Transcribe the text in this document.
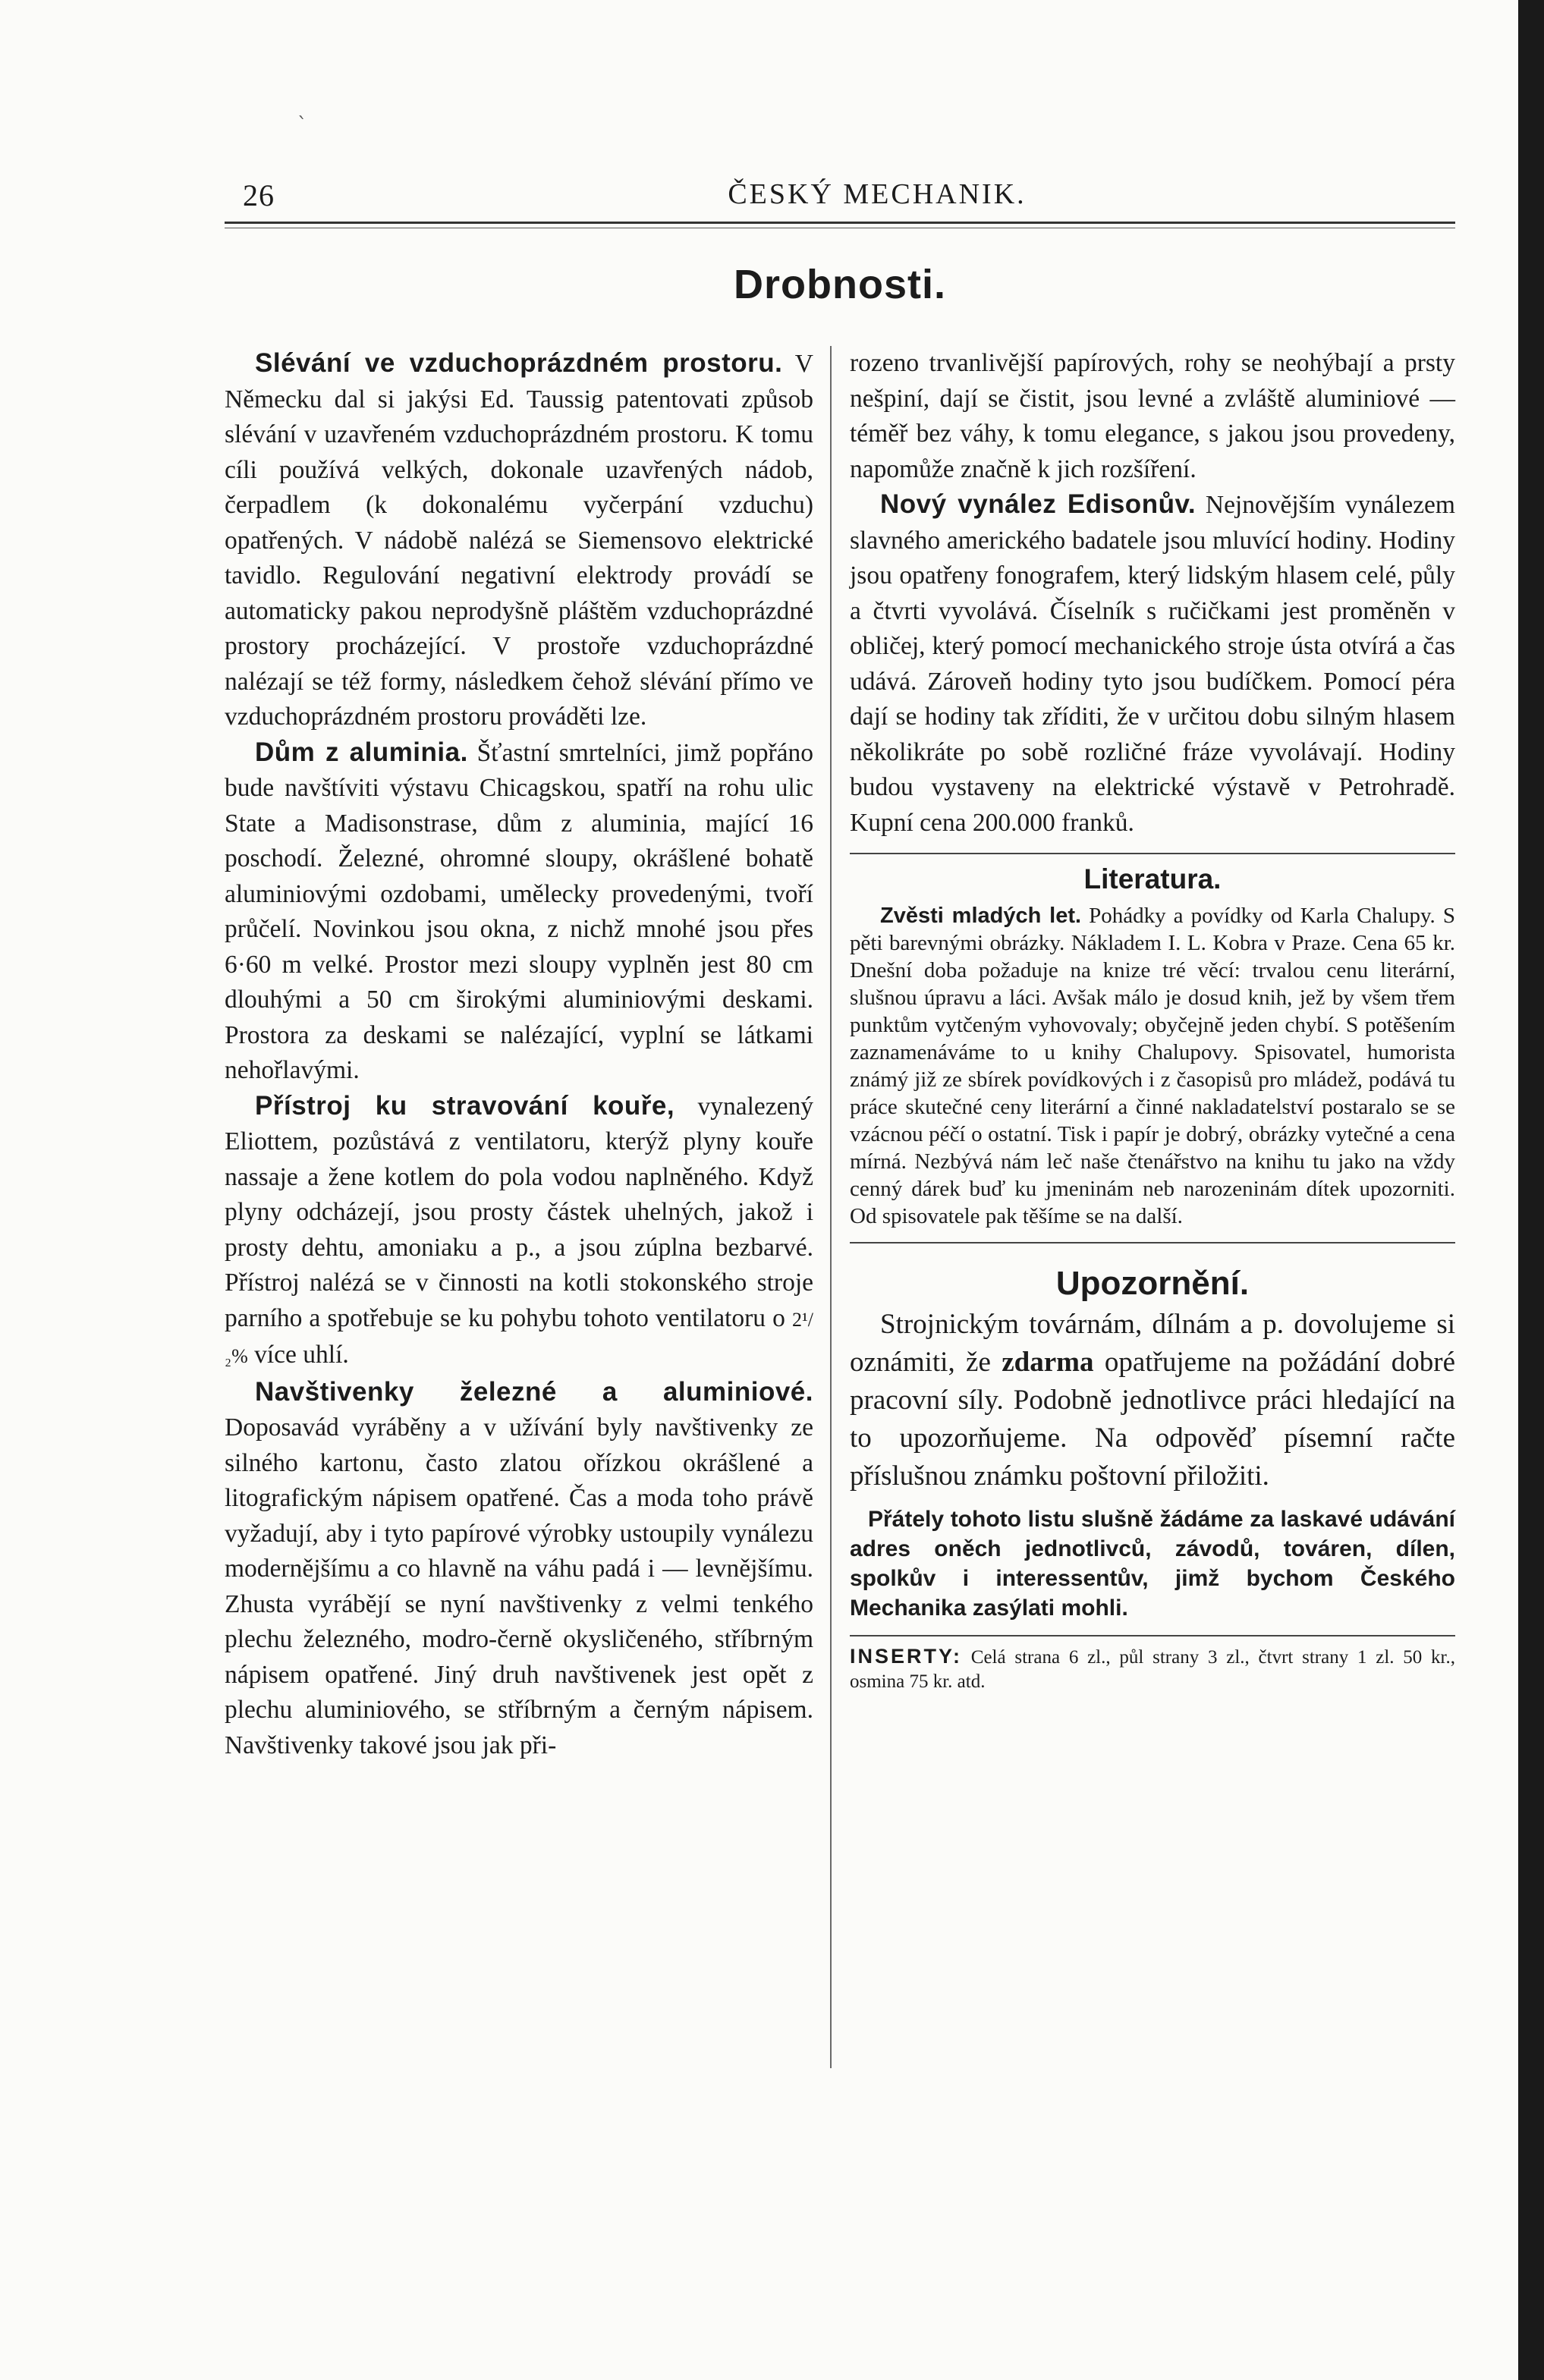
ˋ
26	ČESKÝ MECHANIK.
Drobnosti.

Slévání ve vzduchoprázdném prostoru. V Německu dal si jakýsi Ed. Taussig patentovati způsob slévání v uzavřeném vzduchoprázdném prostoru. K tomu cíli používá velkých, dokonale uzavřených nádob, čerpadlem (k dokonalému vyčerpání vzduchu) opatřených. V nádobě nalézá se Siemensovo elektrické tavidlo. Regulování negativní elektrody provádí se automaticky pakou neprodyšně pláštěm vzduchoprázdné prostory procházející. V prostoře vzduchoprázdné nalézají se též formy, následkem čehož slévání přímo ve vzduchoprázdném prostoru prováděti lze.

Dům z aluminia. Šťastní smrtelníci, jimž popřáno bude navštíviti výstavu Chicagskou, spatří na rohu ulic State a Madisonstrase, dům z aluminia, mající 16 poschodí. Železné, ohromné sloupy, okrášlené bohatě aluminiovými ozdobami, umělecky provedenými, tvoří průčelí. Novinkou jsou okna, z nichž mnohé jsou přes 6·60 m velké. Prostor mezi sloupy vyplněn jest 80 cm dlouhými a 50 cm širokými aluminiovými deskami. Prostora za deskami se nalézající, vyplní se látkami nehořlavými.

Přístroj ku stravování kouře, vynalezený Eliottem, pozůstává z ventilatoru, kterýž plyny kouře nassaje a žene kotlem do pola vodou naplněného. Když plyny odcházejí, jsou prosty částek uhelných, jakož i prosty dehtu, amoniaku a p., a jsou zúplna bezbarvé. Přístroj nalézá se v činnosti na kotli stokonského stroje parního a spotřebuje se ku pohybu tohoto ventilatoru o 2¹/₂% více uhlí.

Navštivenky železné a aluminiové. Doposavád vyráběny a v užívání byly navštivenky ze silného kartonu, často zlatou ořízkou okrášlené a litografickým nápisem opatřené. Čas a moda toho právě vyžadují, aby i tyto papírové výrobky ustoupily vynálezu modernějšímu a co hlavně na váhu padá i — levnějšímu. Zhusta vyrábějí se nyní navštivenky z velmi tenkého plechu železného, modro-černě okysličeného, stříbrným nápisem opatřené. Jiný druh navštivenek jest opět z plechu aluminiového, se stříbrným a černým nápisem. Navštivenky takové jsou jak při-

rozeno trvanlivější papírových, rohy se neohýbají a prsty nešpiní, dají se čistit, jsou levné a zvláště aluminiové — téměř bez váhy, k tomu elegance, s jakou jsou provedeny, napomůže značně k jich rozšíření.

Nový vynález Edisonův. Nejnovějším vynálezem slavného amerického badatele jsou mluvící hodiny. Hodiny jsou opatřeny fonografem, který lidským hlasem celé, půly a čtvrti vyvolává. Číselník s ručičkami jest proměněn v obličej, který pomocí mechanického stroje ústa otvírá a čas udává. Zároveň hodiny tyto jsou budíčkem. Pomocí péra dají se hodiny tak zříditi, že v určitou dobu silným hlasem několikráte po sobě rozličné fráze vyvolávají. Hodiny budou vystaveny na elektrické výstavě v Petrohradě. Kupní cena 200.000 franků.

Literatura.

Zvěsti mladých let. Pohádky a povídky od Karla Chalupy. S pěti barevnými obrázky. Nákladem I. L. Kobra v Praze. Cena 65 kr. Dnešní doba požaduje na knize tré věcí: trvalou cenu literární, slušnou úpravu a láci. Avšak málo je dosud knih, jež by všem třem punktům vytčeným vyhovovaly; obyčejně jeden chybí. S potěšením zaznamenáváme to u knihy Chalupovy. Spisovatel, humorista známý již ze sbírek povídkových i z časopisů pro mládež, podává tu práce skutečné ceny literární a činné nakladatelství postaralo se se vzácnou péčí o ostatní. Tisk i papír je dobrý, obrázky vytečné a cena mírná. Nezbývá nám leč naše čtenářstvo na knihu tu jako na vždy cenný dárek buď ku jmeninám neb narozeninám dítek upozorniti. Od spisovatele pak těšíme se na další.

Upozornění.

Strojnickým továrnám, dílnám a p. dovolujeme si oznámiti, že zdarma opatřujeme na požádání dobré pracovní síly. Podobně jednotlivce práci hledající na to upozorňujeme. Na odpověď písemní račte příslušnou známku poštovní přiložiti.

Přátely tohoto listu slušně žádáme za laskavé udávání adres oněch jednotlivců, závodů, továren, dílen, spolkův i interessentův, jimž bychom Českého Mechanika zasýlati mohli.

INSERTY: Celá strana 6 zl., půl strany 3 zl., čtvrt strany 1 zl. 50 kr., osmina 75 kr. atd.
